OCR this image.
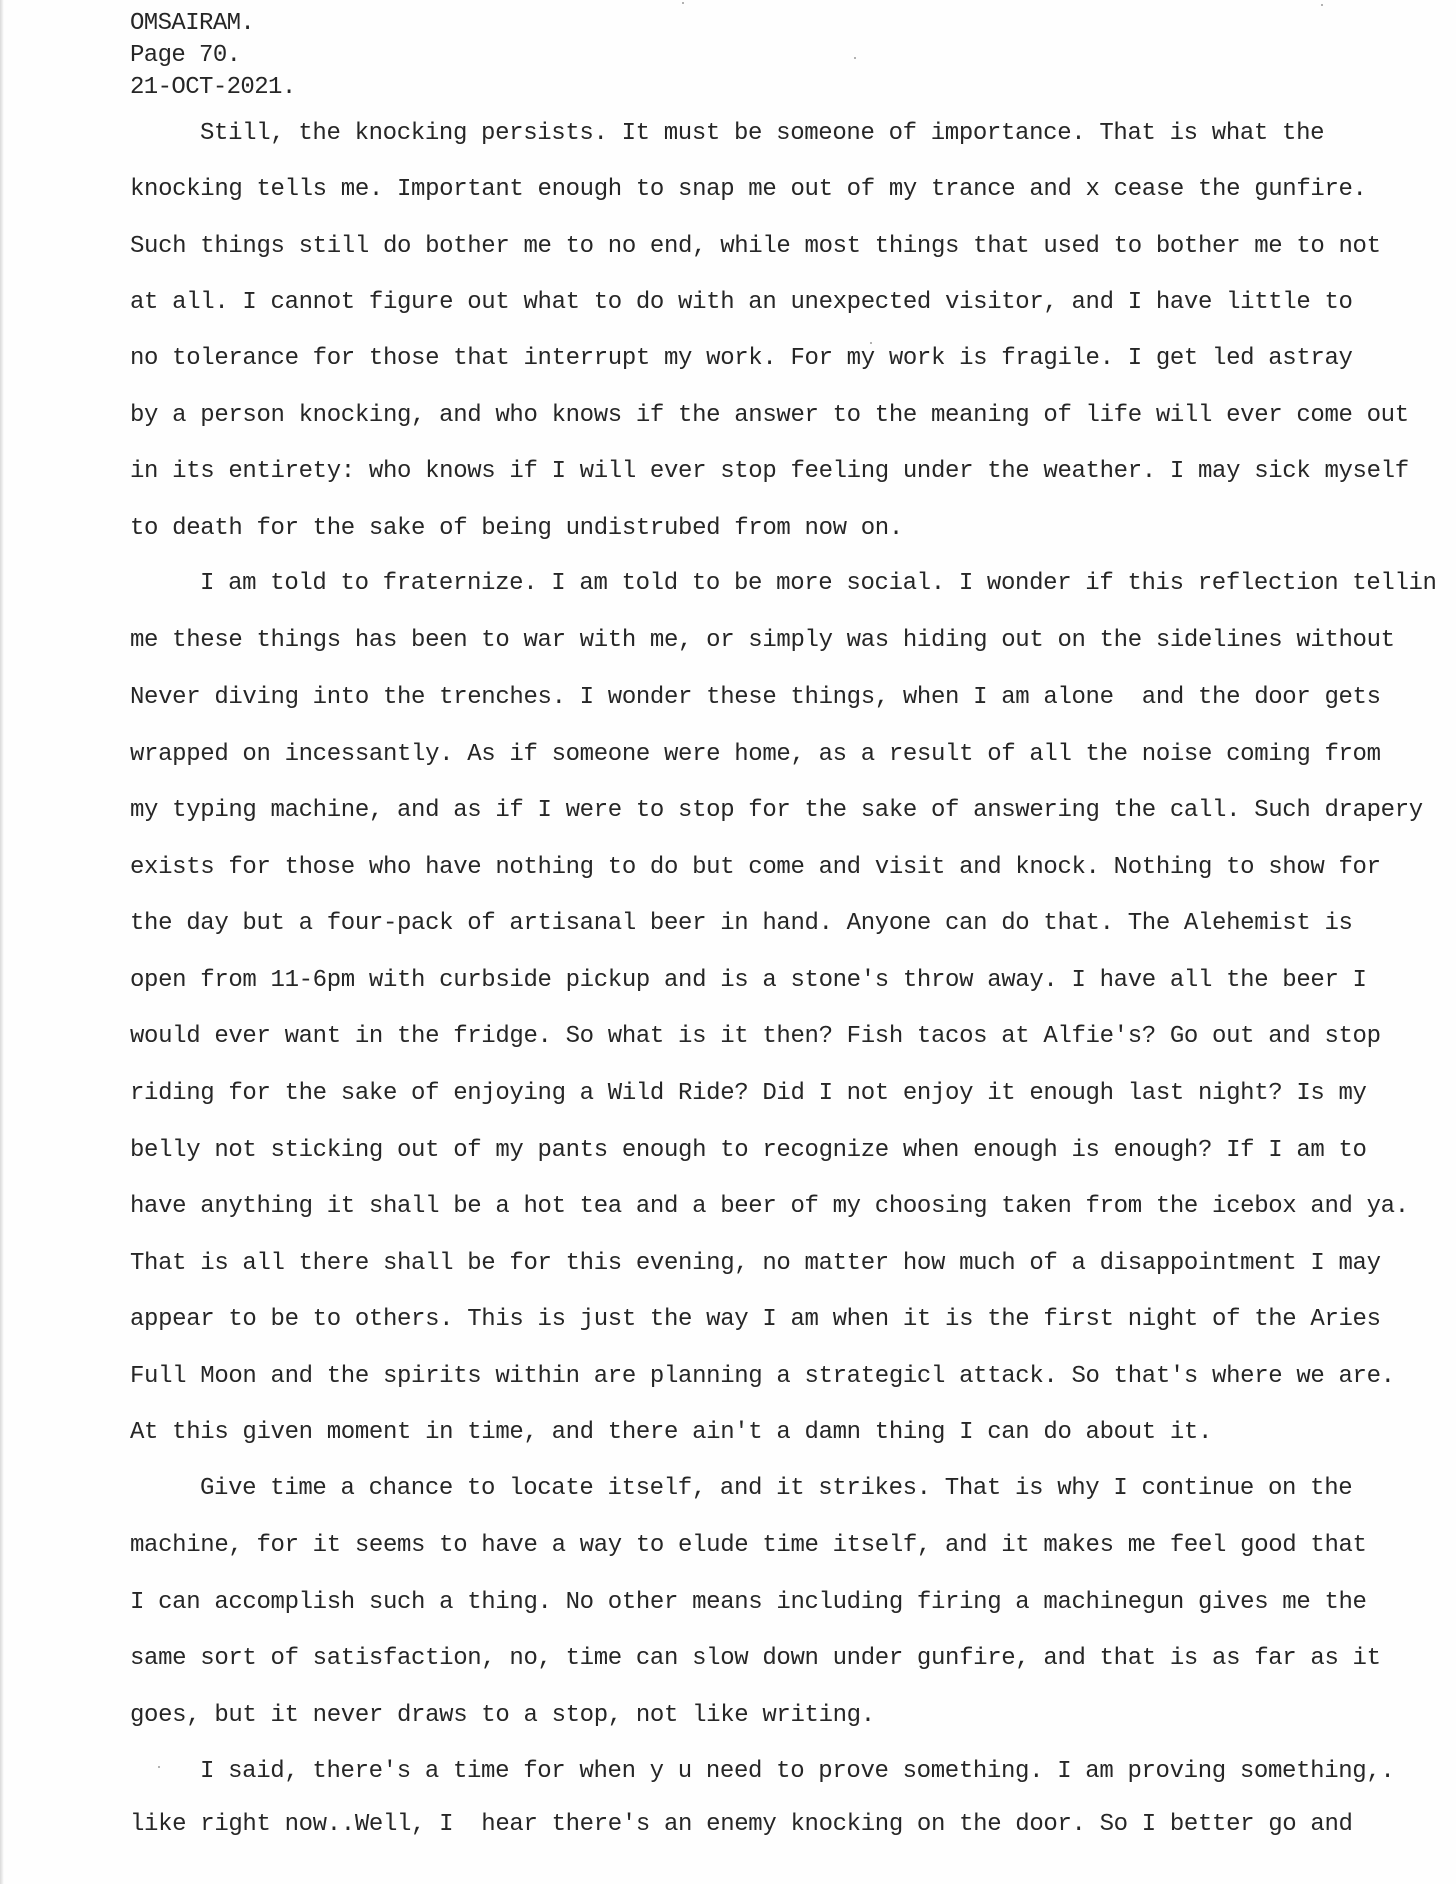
OMSAIRAM.
Page 70.
21-OCT-2021.
Still, the knocking persists. It must be someone of importance. That is what the
knocking tells me. Important enough to snap me out of my trance and x cease the gunfire.
Such things still do bother me to no end, while most things that used to bother me to not
at all. I cannot figure out what to do with an unexpected visitor, and I have little to
no tolerance for those that interrupt my work. For my work is fragile. I get led astray
by a person knocking, and who knows if the answer to the meaning of life will ever come out
in its entirety: who knows if I will ever stop feeling under the weather. I may sick myself
to death for the sake of being undistrubed from now on.
I am told to fraternize. I am told to be more social. I wonder if this reflection tellin
me these things has been to war with me, or simply was hiding out on the sidelines without
Never diving into the trenches. I wonder these things, when I am alone  and the door gets
wrapped on incessantly. As if someone were home, as a result of all the noise coming from
my typing machine, and as if I were to stop for the sake of answering the call. Such drapery
exists for those who have nothing to do but come and visit and knock. Nothing to show for
the day but a four-pack of artisanal beer in hand. Anyone can do that. The Alehemist is
open from 11-6pm with curbside pickup and is a stone's throw away. I have all the beer I
would ever want in the fridge. So what is it then? Fish tacos at Alfie's? Go out and stop
riding for the sake of enjoying a Wild Ride? Did I not enjoy it enough last night? Is my
belly not sticking out of my pants enough to recognize when enough is enough? If I am to
have anything it shall be a hot tea and a beer of my choosing taken from the icebox and ya.
That is all there shall be for this evening, no matter how much of a disappointment I may
appear to be to others. This is just the way I am when it is the first night of the Aries
Full Moon and the spirits within are planning a strategicl attack. So that's where we are.
At this given moment in time, and there ain't a damn thing I can do about it.
Give time a chance to locate itself, and it strikes. That is why I continue on the
machine, for it seems to have a way to elude time itself, and it makes me feel good that
I can accomplish such a thing. No other means including firing a machinegun gives me the
same sort of satisfaction, no, time can slow down under gunfire, and that is as far as it
goes, but it never draws to a stop, not like writing.
I said, there's a time for when y u need to prove something. I am proving something,.
like right now..Well, I  hear there's an enemy knocking on the door. So I better go and
